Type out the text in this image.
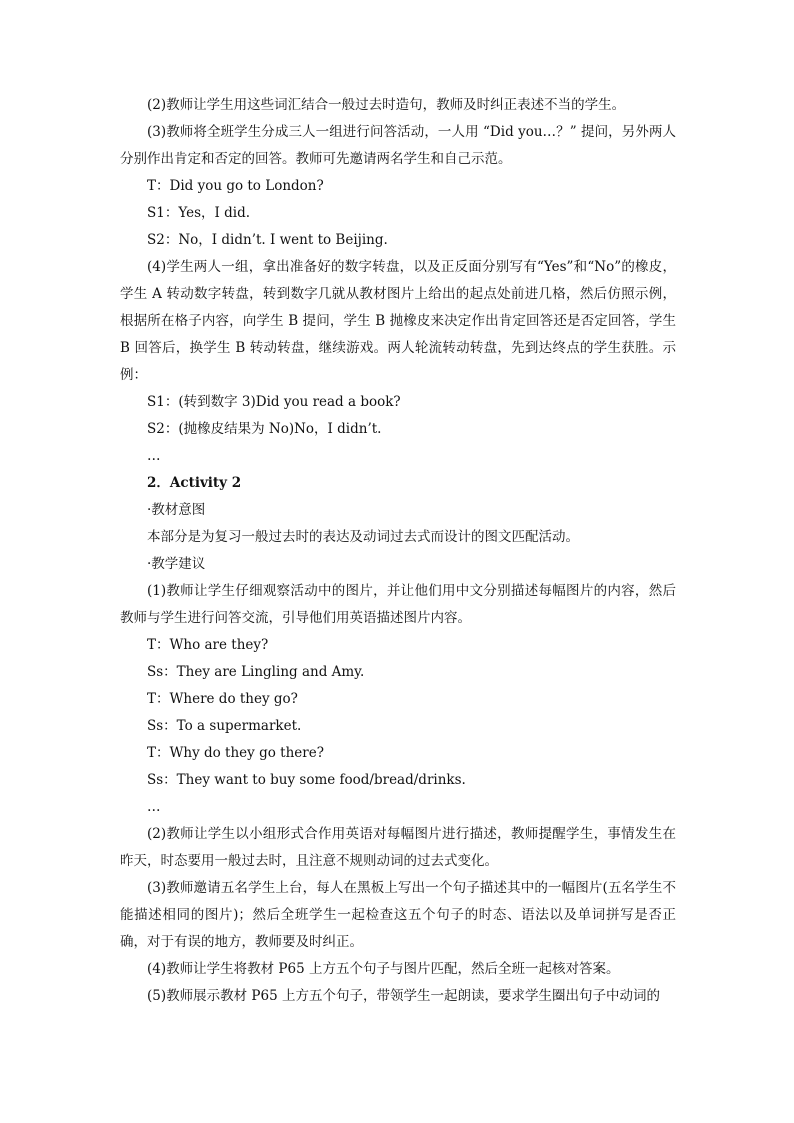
(2)教师让学生用这些词汇结合一般过去时造句，教师及时纠正表述不当的学生。

(3)教师将全班学生分成三人一组进行问答活动，一人用 “Did you…？” 提问，另外两人分别作出肯定和否定的回答。教师可先邀请两名学生和自己示范。

T：Did you go to London?

S1：Yes，I did.

S2：No，I didn’t. I went to Beijing.

(4)学生两人一组，拿出准备好的数字转盘，以及正反面分别写有“Yes”和“No”的橡皮，学生 A 转动数字转盘，转到数字几就从教材图片上给出的起点处前进几格，然后仿照示例，根据所在格子内容，向学生 B 提问，学生 B 抛橡皮来决定作出肯定回答还是否定回答，学生 B 回答后，换学生 B 转动转盘，继续游戏。两人轮流转动转盘，先到达终点的学生获胜。示例：

S1：(转到数字 3)Did you read a book?

S2：(抛橡皮结果为 No)No，I didn’t.

…

2．Activity 2

·教材意图

本部分是为复习一般过去时的表达及动词过去式而设计的图文匹配活动。

·教学建议

(1)教师让学生仔细观察活动中的图片，并让他们用中文分别描述每幅图片的内容，然后教师与学生进行问答交流，引导他们用英语描述图片内容。

T：Who are they?

Ss：They are Lingling and Amy.

T：Where do they go?

Ss：To a supermarket.

T：Why do they go there?

Ss：They want to buy some food/bread/drinks.

…

(2)教师让学生以小组形式合作用英语对每幅图片进行描述，教师提醒学生，事情发生在昨天，时态要用一般过去时，且注意不规则动词的过去式变化。

(3)教师邀请五名学生上台，每人在黑板上写出一个句子描述其中的一幅图片(五名学生不能描述相同的图片)；然后全班学生一起检查这五个句子的时态、语法以及单词拼写是否正确，对于有误的地方，教师要及时纠正。

(4)教师让学生将教材 P65 上方五个句子与图片匹配，然后全班一起核对答案。

(5)教师展示教材 P65 上方五个句子，带领学生一起朗读，要求学生圈出句子中动词的
